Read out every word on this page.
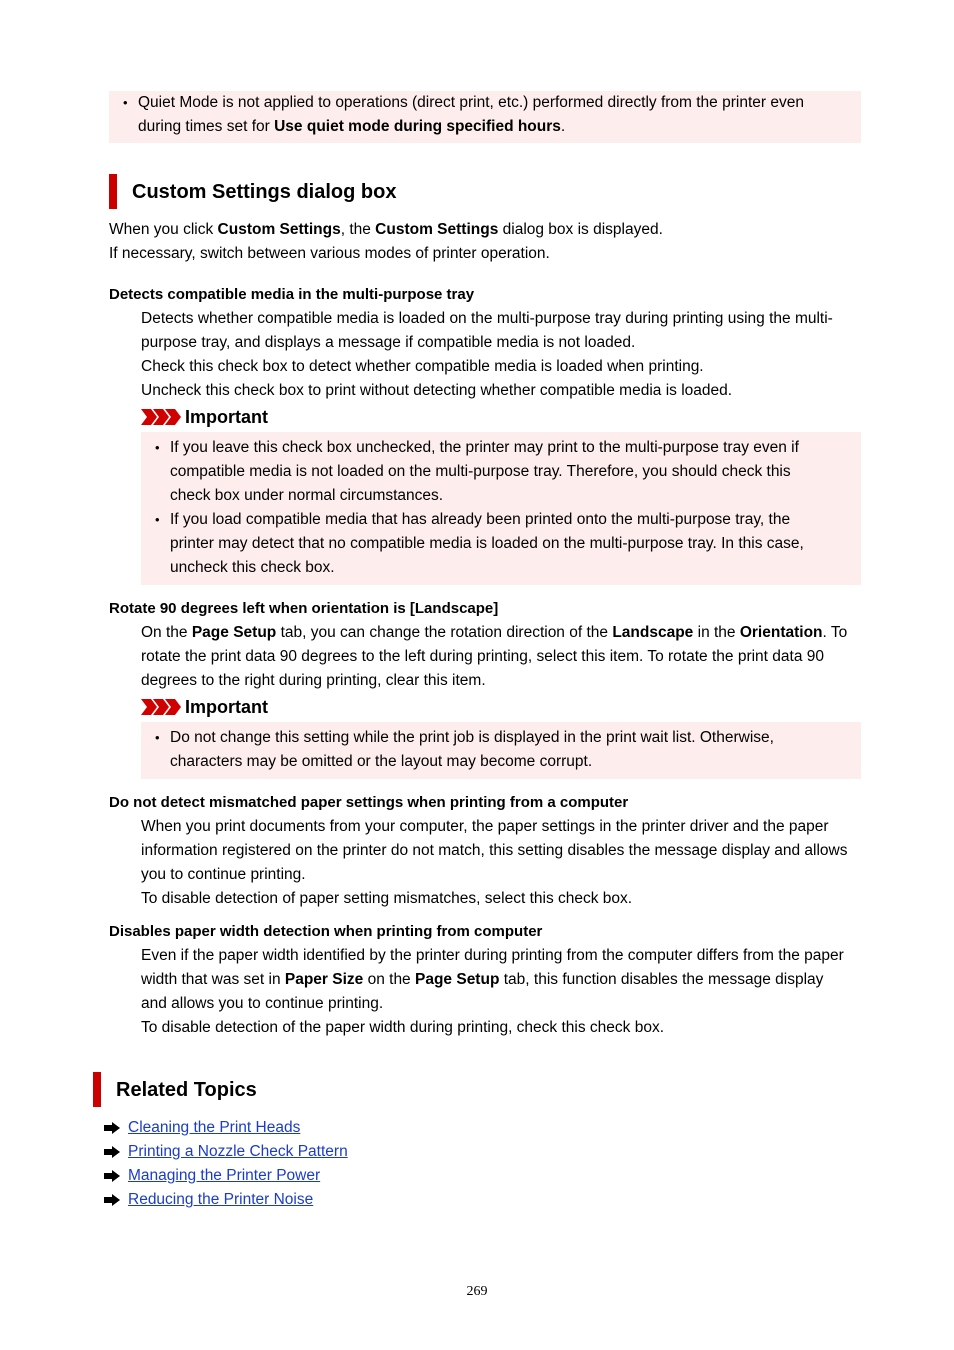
• Quiet Mode is not applied to operations (direct print, etc.) performed directly from the printer even during times set for Use quiet mode during specified hours.
Custom Settings dialog box

When you click Custom Settings, the Custom Settings dialog box is displayed.
If necessary, switch between various modes of printer operation.

Detects compatible media in the multi-purpose tray

Detects whether compatible media is loaded on the multi-purpose tray during printing using the multi-purpose tray, and displays a message if compatible media is not loaded.

Check this check box to detect whether compatible media is loaded when printing.

Uncheck this check box to print without detecting whether compatible media is loaded.

Important
• If you leave this check box unchecked, the printer may print to the multi-purpose tray even if compatible media is not loaded on the multi-purpose tray. Therefore, you should check this check box under normal circumstances.
• If you load compatible media that has already been printed onto the multi-purpose tray, the printer may detect that no compatible media is loaded on the multi-purpose tray. In this case, uncheck this check box.
Rotate 90 degrees left when orientation is [Landscape]

On the Page Setup tab, you can change the rotation direction of the Landscape in the Orientation. To rotate the print data 90 degrees to the left during printing, select this item. To rotate the print data 90 degrees to the right during printing, clear this item.

Important
• Do not change this setting while the print job is displayed in the print wait list. Otherwise, characters may be omitted or the layout may become corrupt.
Do not detect mismatched paper settings when printing from a computer

When you print documents from your computer, the paper settings in the printer driver and the paper information registered on the printer do not match, this setting disables the message display and allows you to continue printing.

To disable detection of paper setting mismatches, select this check box.

Disables paper width detection when printing from computer

Even if the paper width identified by the printer during printing from the computer differs from the paper width that was set in Paper Size on the Page Setup tab, this function disables the message display and allows you to continue printing.

To disable detection of the paper width during printing, check this check box.

Related Topics
Cleaning the Print Heads
Printing a Nozzle Check Pattern
Managing the Printer Power
Reducing the Printer Noise
269
